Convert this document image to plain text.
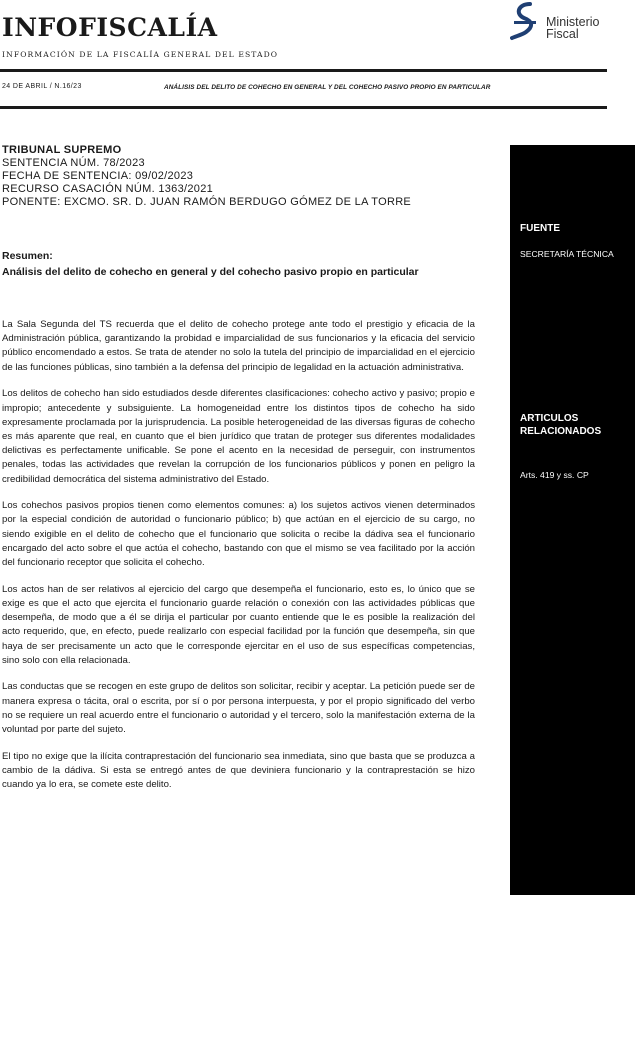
INFOFISCALÍA
INFORMACIÓN DE LA FISCALÍA GENERAL DEL ESTADO
Ministerio
Fiscal
24 DE ABRIL / N.16/23	ANÁLISIS DEL DELITO DE COHECHO EN GENERAL Y DEL COHECHO PASIVO PROPIO EN PARTICULAR
TRIBUNAL SUPREMO
SENTENCIA NÚM. 78/2023
FECHA DE SENTENCIA: 09/02/2023
RECURSO CASACIÓN NÚM. 1363/2021
PONENTE: EXCMO. SR. D. JUAN RAMÓN BERDUGO GÓMEZ DE LA TORRE
Resumen:
Análisis del delito de cohecho en general y del cohecho pasivo propio en particular

La Sala Segunda del TS recuerda que el delito de cohecho protege ante todo el prestigio y eficacia de la Administración pública, garantizando la probidad e imparcialidad de sus funcionarios y la eficacia del servicio público encomendado a estos. Se trata de atender no solo la tutela del principio de imparcialidad en el ejercicio de las funciones públicas, sino también a la defensa del principio de legalidad en la actuación administrativa.

Los delitos de cohecho han sido estudiados desde diferentes clasificaciones: cohecho activo y pasivo; propio e impropio; antecedente y subsiguiente. La homogeneidad entre los distintos tipos de cohecho ha sido expresamente proclamada por la jurisprudencia. La posible heterogeneidad de las diversas figuras de cohecho es más aparente que real, en cuanto que el bien jurídico que tratan de proteger sus diferentes modalidades delictivas es perfectamente unificable. Se pone el acento en la necesidad de perseguir, con instrumentos penales, todas las actividades que revelan la corrupción de los funcionarios públicos y ponen en peligro la credibilidad democrática del sistema administrativo del Estado.

Los cohechos pasivos propios tienen como elementos comunes: a) los sujetos activos vienen determinados por la especial condición de autoridad o funcionario público; b) que actúan en el ejercicio de su cargo, no siendo exigible en el delito de cohecho que el funcionario que solicita o recibe la dádiva sea el funcionario encargado del acto sobre el que actúa el cohecho, bastando con que el mismo se vea facilitado por la acción del funcionario receptor que solicita el cohecho.

Los actos han de ser relativos al ejercicio del cargo que desempeña el funcionario, esto es, lo único que se exige es que el acto que ejercita el funcionario guarde relación o conexión con las actividades públicas que desempeña, de modo que a él se dirija el particular por cuanto entiende que le es posible la realización del acto requerido, que, en efecto, puede realizarlo con especial facilidad por la función que desempeña, sin que haya de ser precisamente un acto que le corresponde ejercitar en el uso de sus específicas competencias, sino solo con ella relacionada.

Las conductas que se recogen en este grupo de delitos son solicitar, recibir y aceptar. La petición puede ser de manera expresa o tácita, oral o escrita, por sí o por persona interpuesta, y por el propio significado del verbo no se requiere un real acuerdo entre el funcionario o autoridad y el tercero, solo la manifestación externa de la voluntad por parte del sujeto.

El tipo no exige que la ilícita contraprestación del funcionario sea inmediata, sino que basta que se produzca a cambio de la dádiva. Si esta se entregó antes de que deviniera funcionario y la contraprestación se hizo cuando ya lo era, se comete este delito.

FUENTE
SECRETARÍA TÉCNICA
ARTICULOS
RELACIONADOS
Arts. 419 y ss. CP
